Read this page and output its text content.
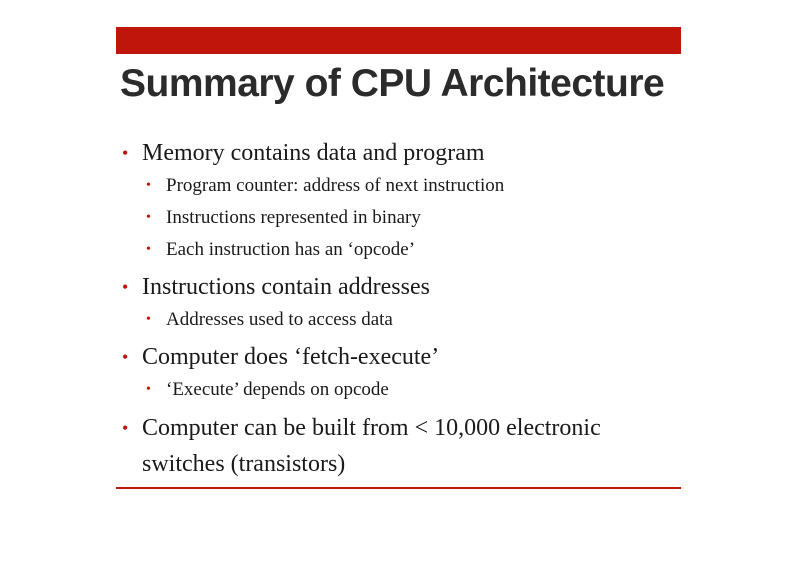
Summary of CPU Architecture
• Memory contains data and program
• Program counter: address of next instruction
• Instructions represented in binary
• Each instruction has an ‘opcode’
• Instructions contain addresses
• Addresses used to access data
• Computer does ‘fetch-execute’
• ‘Execute’ depends on opcode
• Computer can be built from < 10,000 electronic switches (transistors)
